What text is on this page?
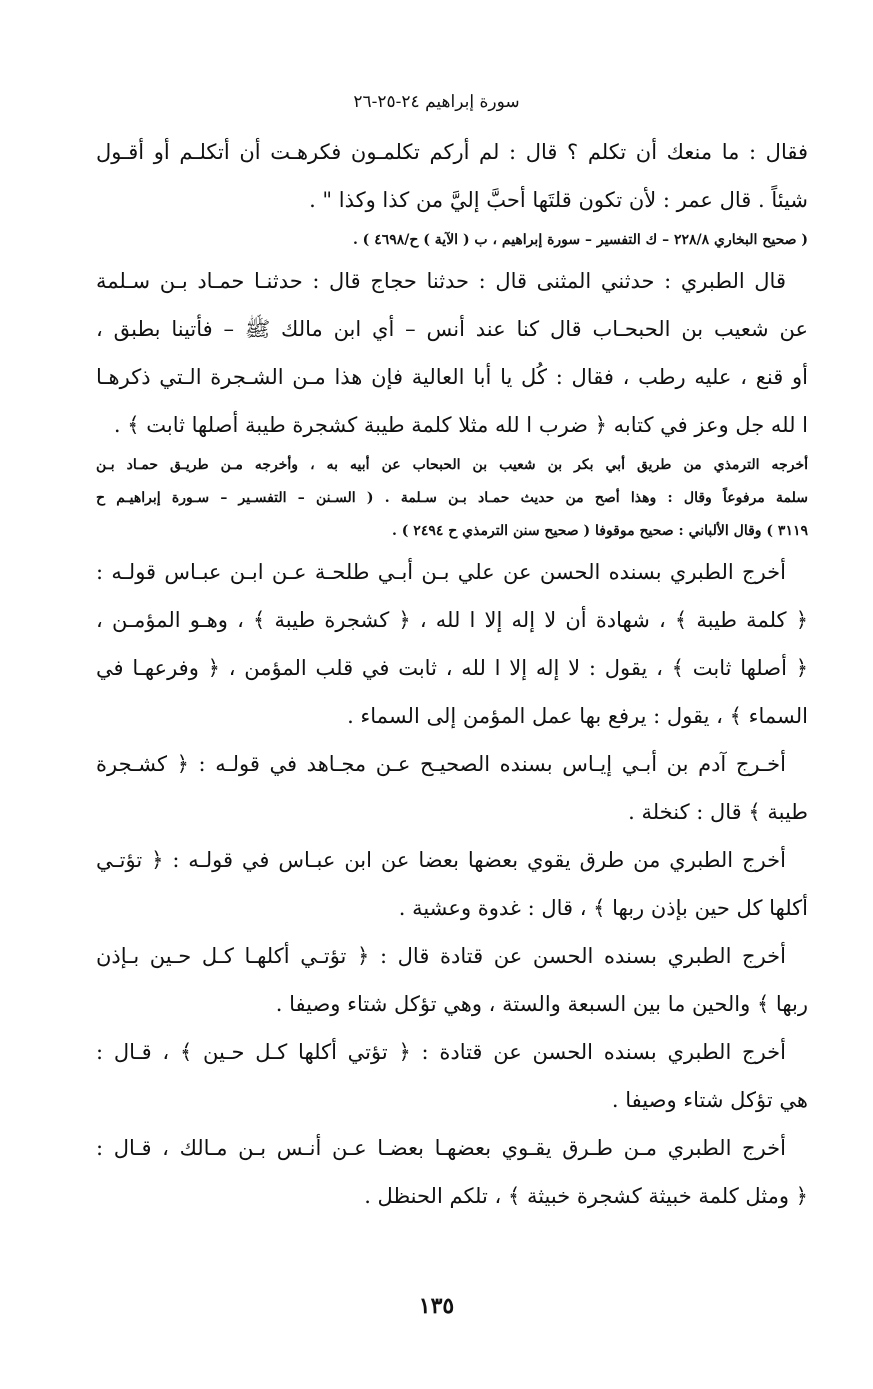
سورة إبراهيم ٢٤-٢٥-٢٦
فقال : ما منعك أن تكلم ؟ قال : لم أركم تكلمـون فكرهـت أن أتكلـم أو أقـول
شيئاً . قال عمر : لأن تكون قلتَها أحبَّ إليَّ من كذا وكذا " .
( صحيح البخاري ٢٢٨/٨ – ك التفسير – سورة إبراهيم ، ب ( الآية ) ح/٤٦٩٨ ) .
قال الطبري : حدثني المثنى قال : حدثنا حجاج قال : حدثنـا حمـاد بـن سـلمة
عن شعيب بن الحبحـاب قال كنا عند أنس – أي ابن مالك ﷺ – فأتينا بطبق ،
أو قنع ، عليه رطب ، فقال : كُل يا أبا العالية فإن هذا مـن الشـجرة الـتي ذكرهـا
ا لله جل وعز في كتابه ﴿ ضرب ا لله مثلا كلمة طيبة كشجرة طيبة أصلها ثابت ﴾ .
أخرجه الترمذي من طريق أبي بكر بن شعيب بن الحبحاب عن أبيه به ، وأخرجه مـن طريـق حمـاد بـن
سلمة مرفوعاً وقال : وهذا أصح من حديث حمـاد بـن سـلمة . ( السـنن – التفسـير – سـورة إبراهيـم ح
٣١١٩ ) وقال الألباني : صحيح موقوفا ( صحيح سنن الترمذي ح ٢٤٩٤ ) .
أخرج الطبري بسنده الحسن عن علي بـن أبـي طلحـة عـن ابـن عبـاس قولـه :
﴿ كلمة طيبة ﴾ ، شهادة أن لا إله إلا ا لله ، ﴿ كشجرة طيبة ﴾ ، وهـو المؤمـن ،
﴿ أصلها ثابت ﴾ ، يقول : لا إله إلا ا لله ، ثابت في قلب المؤمن ، ﴿ وفرعهـا في
السماء ﴾ ، يقول : يرفع بها عمل المؤمن إلى السماء .
أخـرج آدم بن أبـي إيـاس بسنده الصحيـح عـن مجـاهد في قولـه : ﴿ كشـجرة
طيبة ﴾ قال : كنخلة .
أخرج الطبري من طرق يقوي بعضها بعضا عن ابن عبـاس في قولـه : ﴿ تؤتـي
أكلها كل حين بإذن ربها ﴾ ، قال : غدوة وعشية .
أخرج الطبري بسنده الحسن عن قتادة قال : ﴿ تؤتـي أكلهـا كـل حـين بـإذن
ربها ﴾ والحين ما بين السبعة والستة ، وهي تؤكل شتاء وصيفا .
أخرج الطبري بسنده الحسن عن قتادة : ﴿ تؤتي أكلها كـل حـين ﴾ ، قـال :
هي تؤكل شتاء وصيفا .
أخرج الطبري مـن طـرق يقـوي بعضهـا بعضـا عـن أنـس بـن مـالك ، قـال :
﴿ ومثل كلمة خبيثة كشجرة خبيثة ﴾ ، تلكم الحنظل .
١٣٥
